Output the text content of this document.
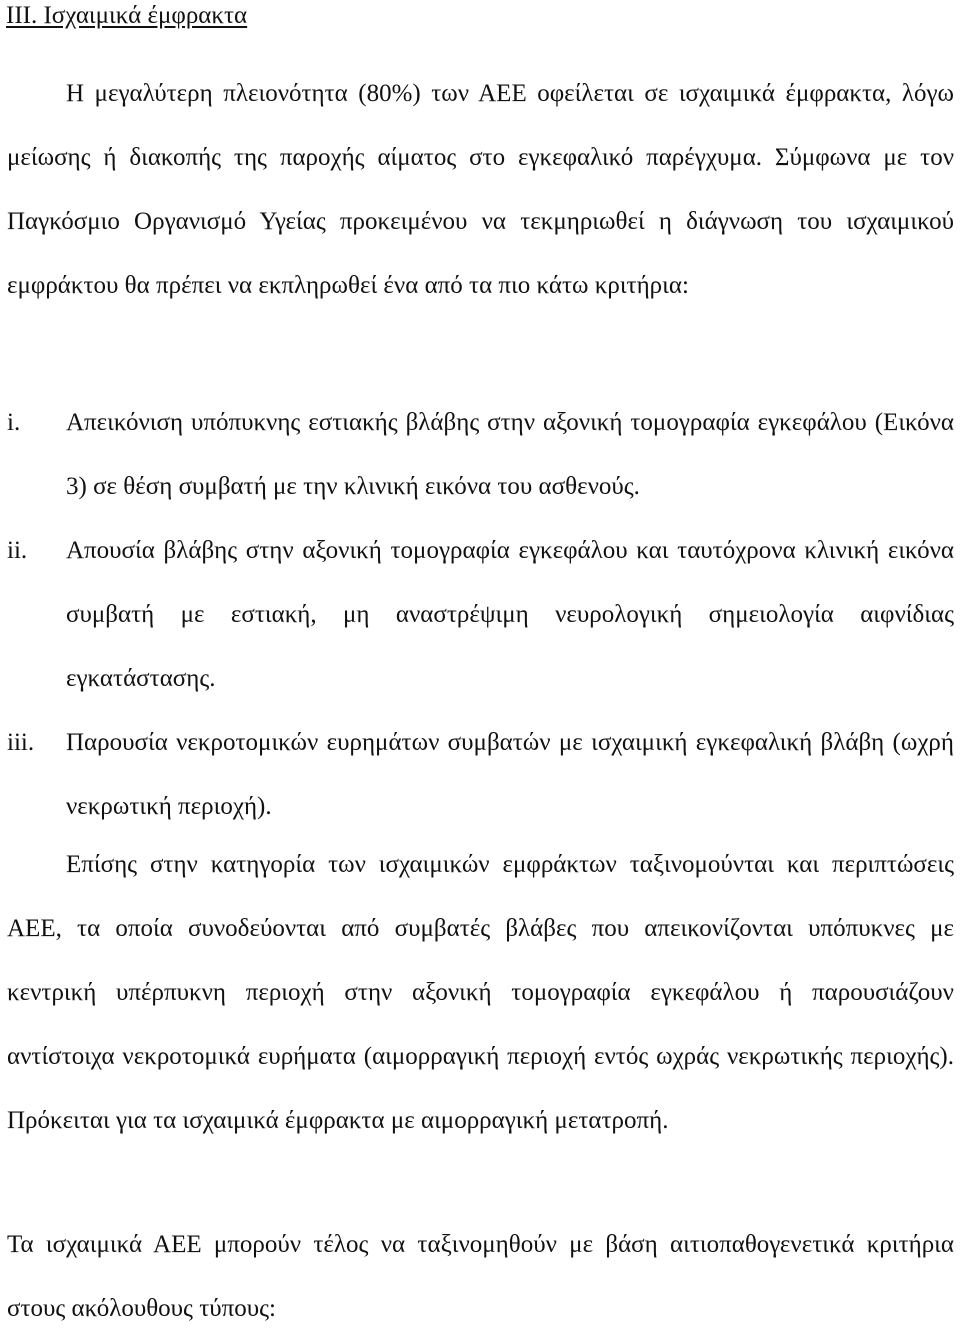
III. Ισχαιμικά έμφρακτα

Η μεγαλύτερη πλειονότητα (80%) των ΑΕΕ οφείλεται σε ισχαιμικά έμφρακτα, λόγω μείωσης ή διακοπής της παροχής αίματος στο εγκεφαλικό παρέγχυμα. Σύμφωνα με τον Παγκόσμιο Οργανισμό Υγείας προκειμένου να τεκμηριωθεί η διάγνωση του ισχαιμικού εμφράκτου θα πρέπει να εκπληρωθεί ένα από τα πιο κάτω κριτήρια:

i. Απεικόνιση υπόπυκνης εστιακής βλάβης στην αξονική τομογραφία εγκεφάλου (Εικόνα 3) σε θέση συμβατή με την κλινική εικόνα του ασθενούς.

ii. Απουσία βλάβης στην αξονική τομογραφία εγκεφάλου και ταυτόχρονα κλινική εικόνα συμβατή με εστιακή, μη αναστρέψιμη νευρολογική σημειολογία αιφνίδιας εγκατάστασης.

iii. Παρουσία νεκροτομικών ευρημάτων συμβατών με ισχαιμική εγκεφαλική βλάβη (ωχρή νεκρωτική περιοχή).

Επίσης στην κατηγορία των ισχαιμικών εμφράκτων ταξινομούνται και περιπτώσεις ΑΕΕ, τα οποία συνοδεύονται από συμβατές βλάβες που απεικονίζονται υπόπυκνες με κεντρική υπέρπυκνη περιοχή στην αξονική τομογραφία εγκεφάλου ή παρουσιάζουν αντίστοιχα νεκροτομικά ευρήματα (αιμορραγική περιοχή εντός ωχράς νεκρωτικής περιοχής). Πρόκειται για τα ισχαιμικά έμφρακτα με αιμορραγική μετατροπή.

Τα ισχαιμικά ΑΕΕ μπορούν τέλος να ταξινομηθούν με βάση αιτιοπαθογενετικά κριτήρια στους ακόλουθους τύπους:
